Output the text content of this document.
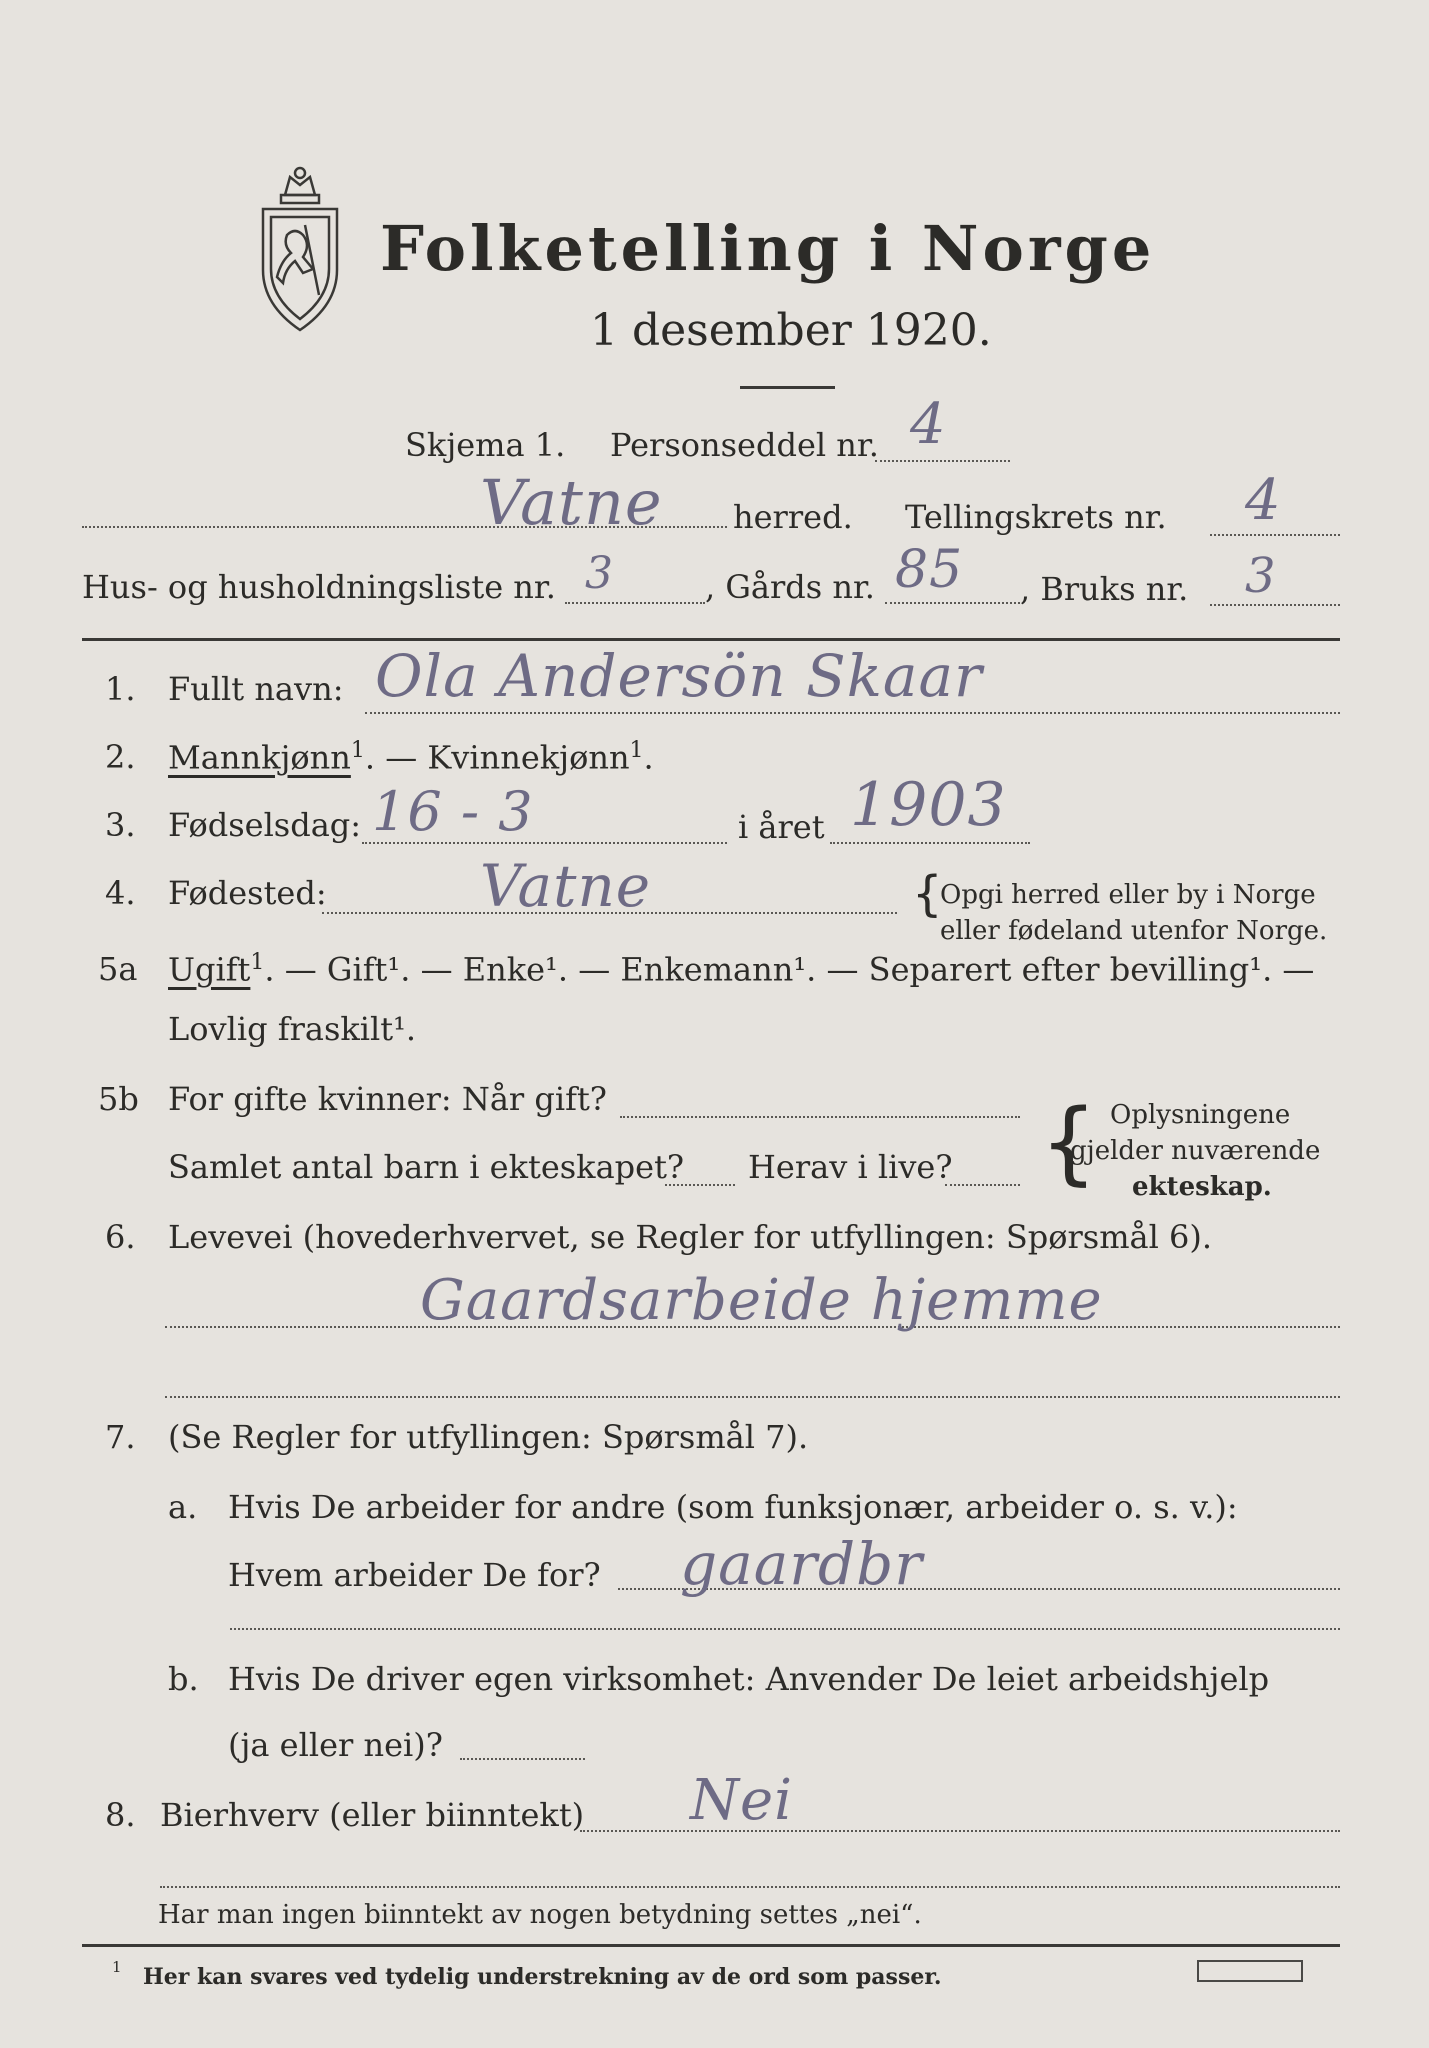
Folketelling i Norge
1 desember 1920.
Skjema 1. Personseddel nr. 4
Vatne herred. Tellingskrets nr. 4
Hus- og husholdningsliste nr. 3	, Gårds nr. 85 , Bruks nr. 3
1. Fullt navn: Ola Andersön Skaar
2. Mannkjønn$^1$. — Kvinnekjønn$^1$.
3. Fødselsdag: 16 - 3	i året 1903
4. Fødested:	Vatne	{
Opgi herred eller by i Norge
eller fødeland utenfor Norge.
5a Ugift$^1$. — Gift¹. — Enke¹. — Enkemann¹. — Separert efter bevilling¹. —
Lovlig fraskilt¹.
5b For gifte kvinner: Når gift?
Samlet antal barn i ekteskapet? Herav i live? { Oplysningene
gjelder nuværende
ekteskap.
6. Levevei (hovederhvervet, se Regler for utfyllingen: Spørsmål 6).
Gaardsarbeide hjemme
7. (Se Regler for utfyllingen: Spørsmål 7).
a. Hvis De arbeider for andre (som funksjonær, arbeider o. s. v.):
Hvem arbeider De for? gaardbr
b. Hvis De driver egen virksomhet: Anvender De leiet arbeidshjelp
(ja eller nei)?
8. Bierhverv (eller biinntekt) Nei
Har man ingen biinntekt av nogen betydning settes „nei“.
1 Her kan svares ved tydelig understrekning av de ord som passer.
